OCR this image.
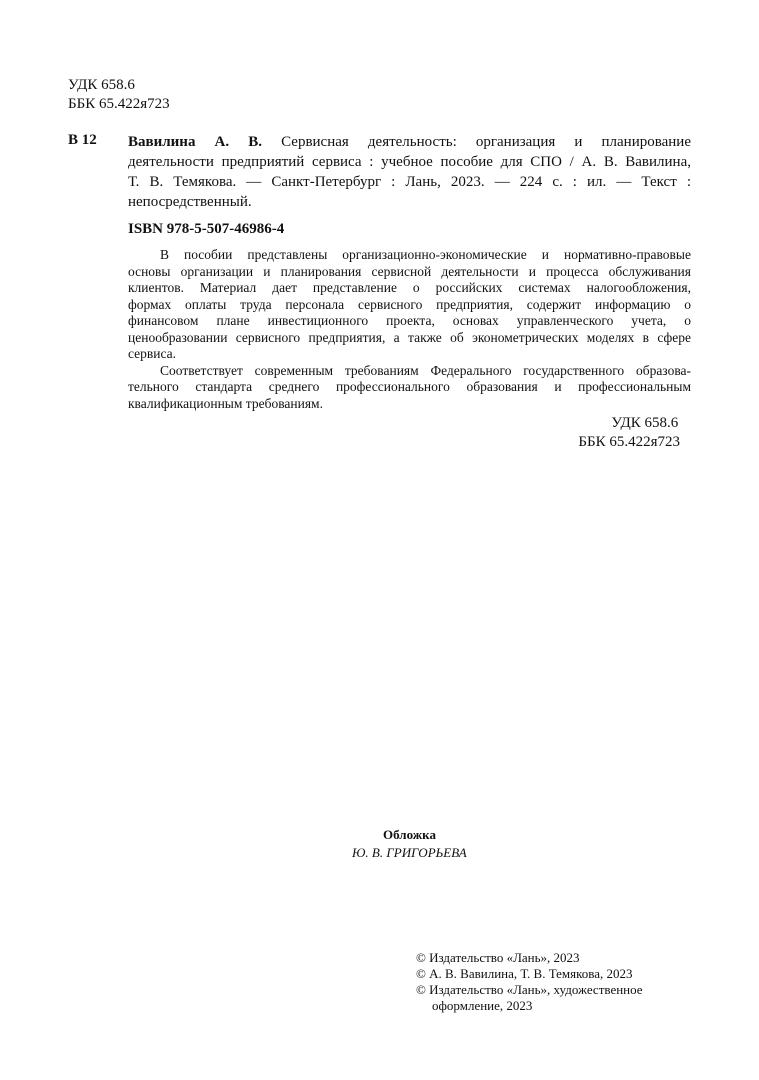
УДК 658.6
ББК 65.422я723
В 12 Вавилина А. В. Сервисная деятельность: организация и планирование
деятельности предприятий сервиса : учебное пособие для СПО / А. В. Вавилина,
Т. В. Темякова. — Санкт-Петербург : Лань, 2023. — 224 с. : ил. — Текст :
непосредственный.
ISBN 978-5-507-46986-4
В пособии представлены организационно-экономические и нормативно-правовые
основы организации и планирования сервисной деятельности и процесса обслуживания
клиентов. Материал дает представление о российских системах налогообложения,
формах оплаты труда персонала сервисного предприятия, содержит информацию о
финансовом плане инвестиционного проекта, основах управленческого учета, о
ценообразовании сервисного предприятия, а также об эконометрических моделях в сфере
сервиса.
Соответствует современным требованиям Федерального государственного образова-
тельного стандарта среднего профессионального образования и профессиональным
квалификационным требованиям.
УДК 658.6
ББК 65.422я723
Обложка
Ю. В. ГРИГОРЬЕВА
© Издательство «Лань», 2023
© А. В. Вавилина, Т. В. Темякова, 2023
© Издательство «Лань», художественное
оформление, 2023
